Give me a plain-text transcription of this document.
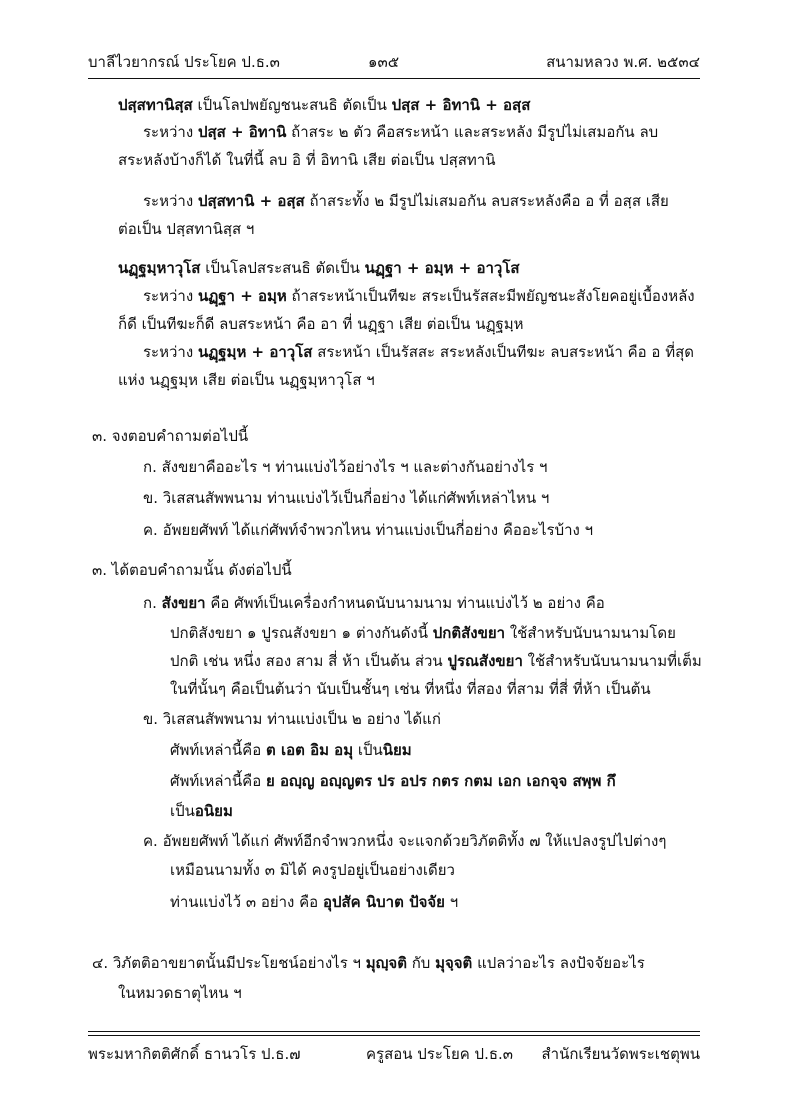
บาลีไวยากรณ์ ประโยค ป.ธ.๓	๑๓๕	สนามหลวง พ.ศ. ๒๕๓๔
ปสฺสทานิสฺส เป็นโลปพยัญชนะสนธิ ตัดเป็น ปสฺส + อิทานิ + อสฺส
ระหว่าง ปสฺส + อิทานิ ถ้าสระ ๒ ตัว คือสระหน้า และสระหลัง มีรูปไม่เสมอกัน ลบ
สระหลังบ้างก็ได้ ในที่นี้ ลบ อิ ที่ อิทานิ เสีย ต่อเป็น ปสฺสทานิ
ระหว่าง ปสฺสทานิ + อสฺส ถ้าสระทั้ง ๒ มีรูปไม่เสมอกัน ลบสระหลังคือ อ ที่ อสฺส เสีย
ต่อเป็น ปสฺสทานิสฺส ฯ
นฏฺฐมฺหาวุโส เป็นโลปสระสนธิ ตัดเป็น นฏฺฐา + อมฺห + อาวุโส
ระหว่าง นฏฺฐา + อมฺห ถ้าสระหน้าเป็นทีฆะ สระเป็นรัสสะมีพยัญชนะสังโยคอยู่เบื้องหลัง
ก็ดี เป็นทีฆะก็ดี ลบสระหน้า คือ อา ที่ นฏฺฐา เสีย ต่อเป็น นฏฺฐมฺห
ระหว่าง นฏฺฐมฺห + อาวุโส สระหน้า เป็นรัสสะ สระหลังเป็นทีฆะ ลบสระหน้า คือ อ ที่สุด
แห่ง นฏฺฐมฺห เสีย ต่อเป็น นฏฺฐมฺหาวุโส ฯ
๓. จงตอบคำถามต่อไปนี้
ก. สังขยาคืออะไร ฯ ท่านแบ่งไว้อย่างไร ฯ และต่างกันอย่างไร ฯ
ข. วิเสสนสัพพนาม ท่านแบ่งไว้เป็นกี่อย่าง ได้แก่ศัพท์เหล่าไหน ฯ
ค. อัพยยศัพท์ ได้แก่ศัพท์จำพวกไหน ท่านแบ่งเป็นกี่อย่าง คืออะไรบ้าง ฯ
๓. ได้ตอบคำถามนั้น ดังต่อไปนี้
ก. สังขยา คือ ศัพท์เป็นเครื่องกำหนดนับนามนาม ท่านแบ่งไว้ ๒ อย่าง คือ
ปกติสังขยา ๑ ปูรณสังขยา ๑ ต่างกันดังนี้ ปกติสังขยา ใช้สำหรับนับนามนามโดย
ปกติ เช่น หนึ่ง สอง สาม สี่ ห้า เป็นต้น ส่วน ปูรณสังขยา ใช้สำหรับนับนามนามที่เต็ม
ในที่นั้นๆ คือเป็นต้นว่า นับเป็นชั้นๆ เช่น ที่หนึ่ง ที่สอง ที่สาม ที่สี่ ที่ห้า เป็นต้น
ข. วิเสสนสัพพนาม ท่านแบ่งเป็น ๒ อย่าง ได้แก่
ศัพท์เหล่านี้คือ ต เอต อิม อมุ เป็นนิยม
ศัพท์เหล่านี้คือ ย อญฺญ อญฺญตร ปร อปร กตร กตม เอก เอกจฺจ สพฺพ กึ
เป็นอนิยม
ค. อัพยยศัพท์ ได้แก่ ศัพท์อีกจำพวกหนึ่ง จะแจกด้วยวิภัตติทั้ง ๗ ให้แปลงรูปไปต่างๆ
เหมือนนามทั้ง ๓ มิได้ คงรูปอยู่เป็นอย่างเดียว
ท่านแบ่งไว้ ๓ อย่าง คือ อุปสัค นิบาต ปัจจัย ฯ
๔. วิภัตติอาขยาตนั้นมีประโยชน์อย่างไร ฯ มุญฺจติ กับ มุจฺจติ แปลว่าอะไร ลงปัจจัยอะไร
ในหมวดธาตุไหน ฯ
พระมหากิตติศักดิ์ ธานวโร ป.ธ.๗	ครูสอน ประโยค ป.ธ.๓ สำนักเรียนวัดพระเชตุพน
